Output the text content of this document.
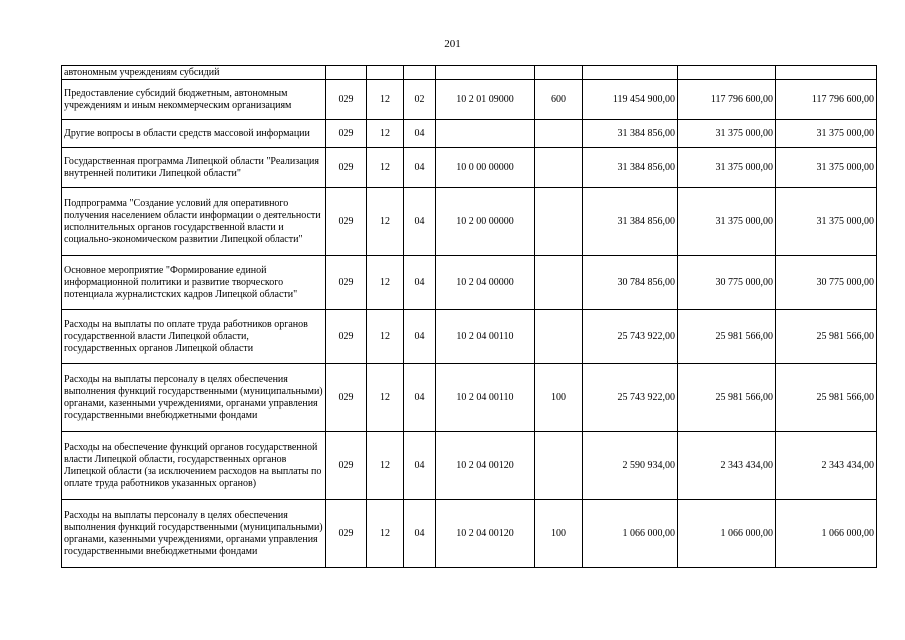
201
автономным учреждениям субсидий								
Предоставление субсидий бюджетным, автономным учреждениям и иным некоммерческим организациям	029	12	02	10 2 01 09000	600	119 454 900,00	117 796 600,00	117 796 600,00
Другие вопросы в области средств массовой информации	029	12	04			31 384 856,00	31 375 000,00	31 375 000,00
Государственная программа Липецкой области "Реализация внутренней политики Липецкой области"	029	12	04	10 0 00 00000		31 384 856,00	31 375 000,00	31 375 000,00
Подпрограмма "Создание условий для оперативного получения населением области информации о деятельности исполнительных органов государственной власти и социально-экономическом развитии Липецкой области"	029	12	04	10 2 00 00000		31 384 856,00	31 375 000,00	31 375 000,00
Основное мероприятие "Формирование единой информационной политики и развитие творческого потенциала журналистских кадров Липецкой области"	029	12	04	10 2 04 00000		30 784 856,00	30 775 000,00	30 775 000,00
Расходы на выплаты по оплате труда работников органов государственной власти Липецкой области, государственных органов Липецкой области	029	12	04	10 2 04 00110		25 743 922,00	25 981 566,00	25 981 566,00
Расходы на выплаты персоналу в целях обеспечения выполнения функций государственными (муниципальными) органами, казенными учреждениями, органами управления государственными внебюджетными фондами	029	12	04	10 2 04 00110	100	25 743 922,00	25 981 566,00	25 981 566,00
Расходы на обеспечение функций органов государственной власти Липецкой области, государственных органов Липецкой области (за исключением расходов на выплаты по оплате труда работников указанных органов)	029	12	04	10 2 04 00120		2 590 934,00	2 343 434,00	2 343 434,00
Расходы на выплаты персоналу в целях обеспечения выполнения функций государственными (муниципальными) органами, казенными учреждениями, органами управления государственными внебюджетными фондами	029	12	04	10 2 04 00120	100	1 066 000,00	1 066 000,00	1 066 000,00
